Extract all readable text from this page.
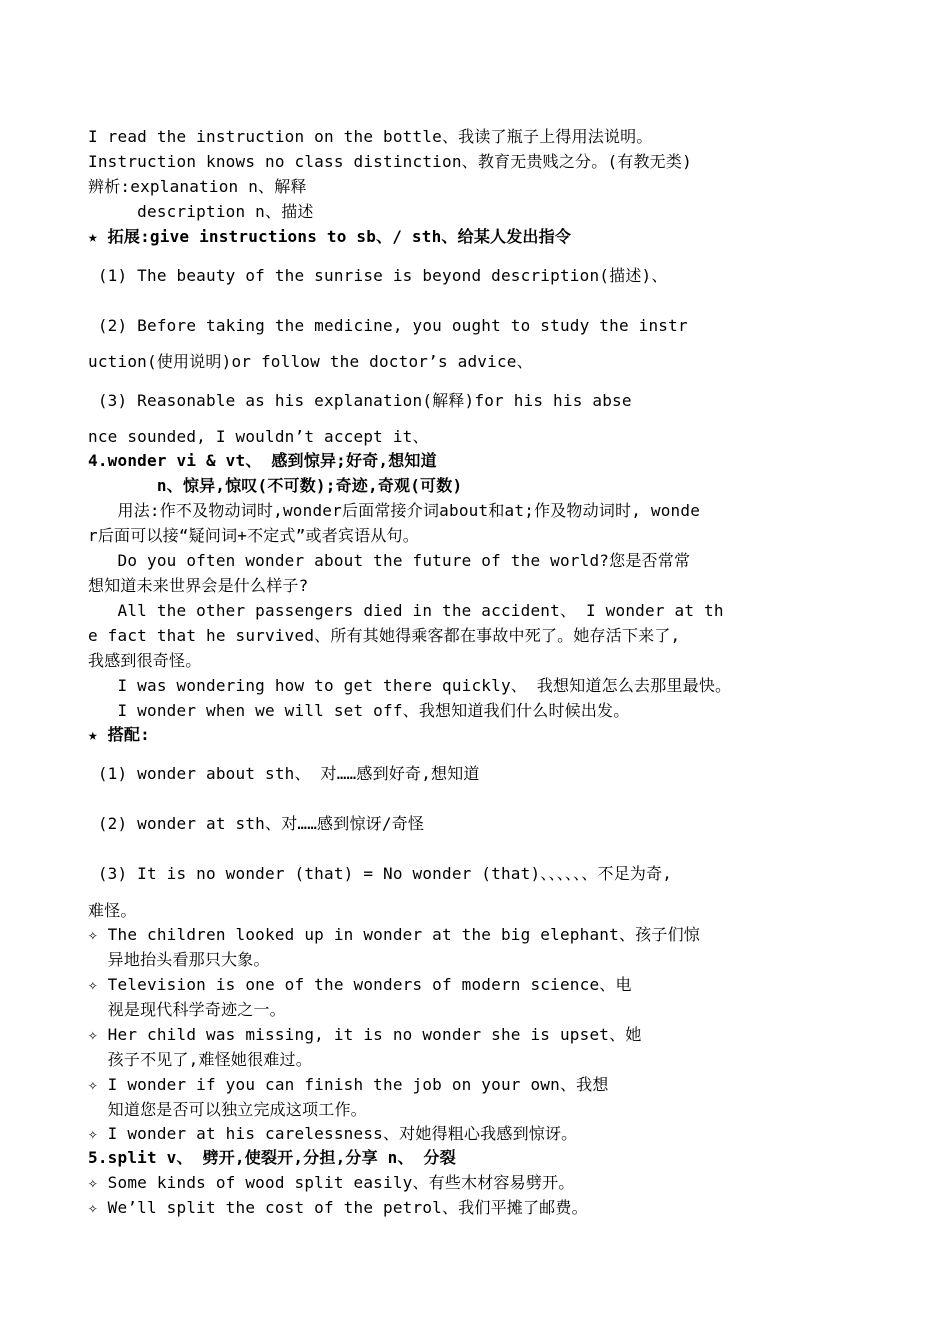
I read the instruction on the bottle、我读了瓶子上得用法说明。
Instruction knows no class distinction、教育无贵贱之分。(有教无类)
辨析:explanation n、解释
description n、描述
★ 拓展:give instructions to sb、/ sth、给某人发出指令
(1) The beauty of the sunrise is beyond description(描述)、
(2) Before taking the medicine, you ought to study the instr
uction(使用说明)or follow the doctor’s advice、
(3) Reasonable as his explanation(解释)for his his abse
nce sounded, I wouldn’t accept it、
4.wonder vi & vt、 感到惊异;好奇,想知道
n、惊异,惊叹(不可数);奇迹,奇观(可数)
用法:作不及物动词时,wonder后面常接介词about和at;作及物动词时, wonde
r后面可以接“疑问词+不定式”或者宾语从句。
Do you often wonder about the future of the world?您是否常常
想知道未来世界会是什么样子?
All the other passengers died in the accident、 I wonder at th
e fact that he survived、所有其她得乘客都在事故中死了。她存活下来了,
我感到很奇怪。
I was wondering how to get there quickly、 我想知道怎么去那里最快。
I wonder when we will set off、我想知道我们什么时候出发。
★ 搭配:
(1) wonder about sth、 对……感到好奇,想知道
(2) wonder at sth、对……感到惊讶/奇怪
(3) It is no wonder (that) = No wonder (that)、、、、、、不足为奇,
难怪。
✧ The children looked up in wonder at the big elephant、孩子们惊
异地抬头看那只大象。
✧ Television is one of the wonders of modern science、电
视是现代科学奇迹之一。
✧ Her child was missing, it is no wonder she is upset、她
孩子不见了,难怪她很难过。
✧ I wonder if you can finish the job on your own、我想
知道您是否可以独立完成这项工作。
✧ I wonder at his carelessness、对她得粗心我感到惊讶。
5.split v、 劈开,使裂开,分担,分享 n、 分裂
✧ Some kinds of wood split easily、有些木材容易劈开。
✧ We’ll split the cost of the petrol、我们平摊了邮费。
